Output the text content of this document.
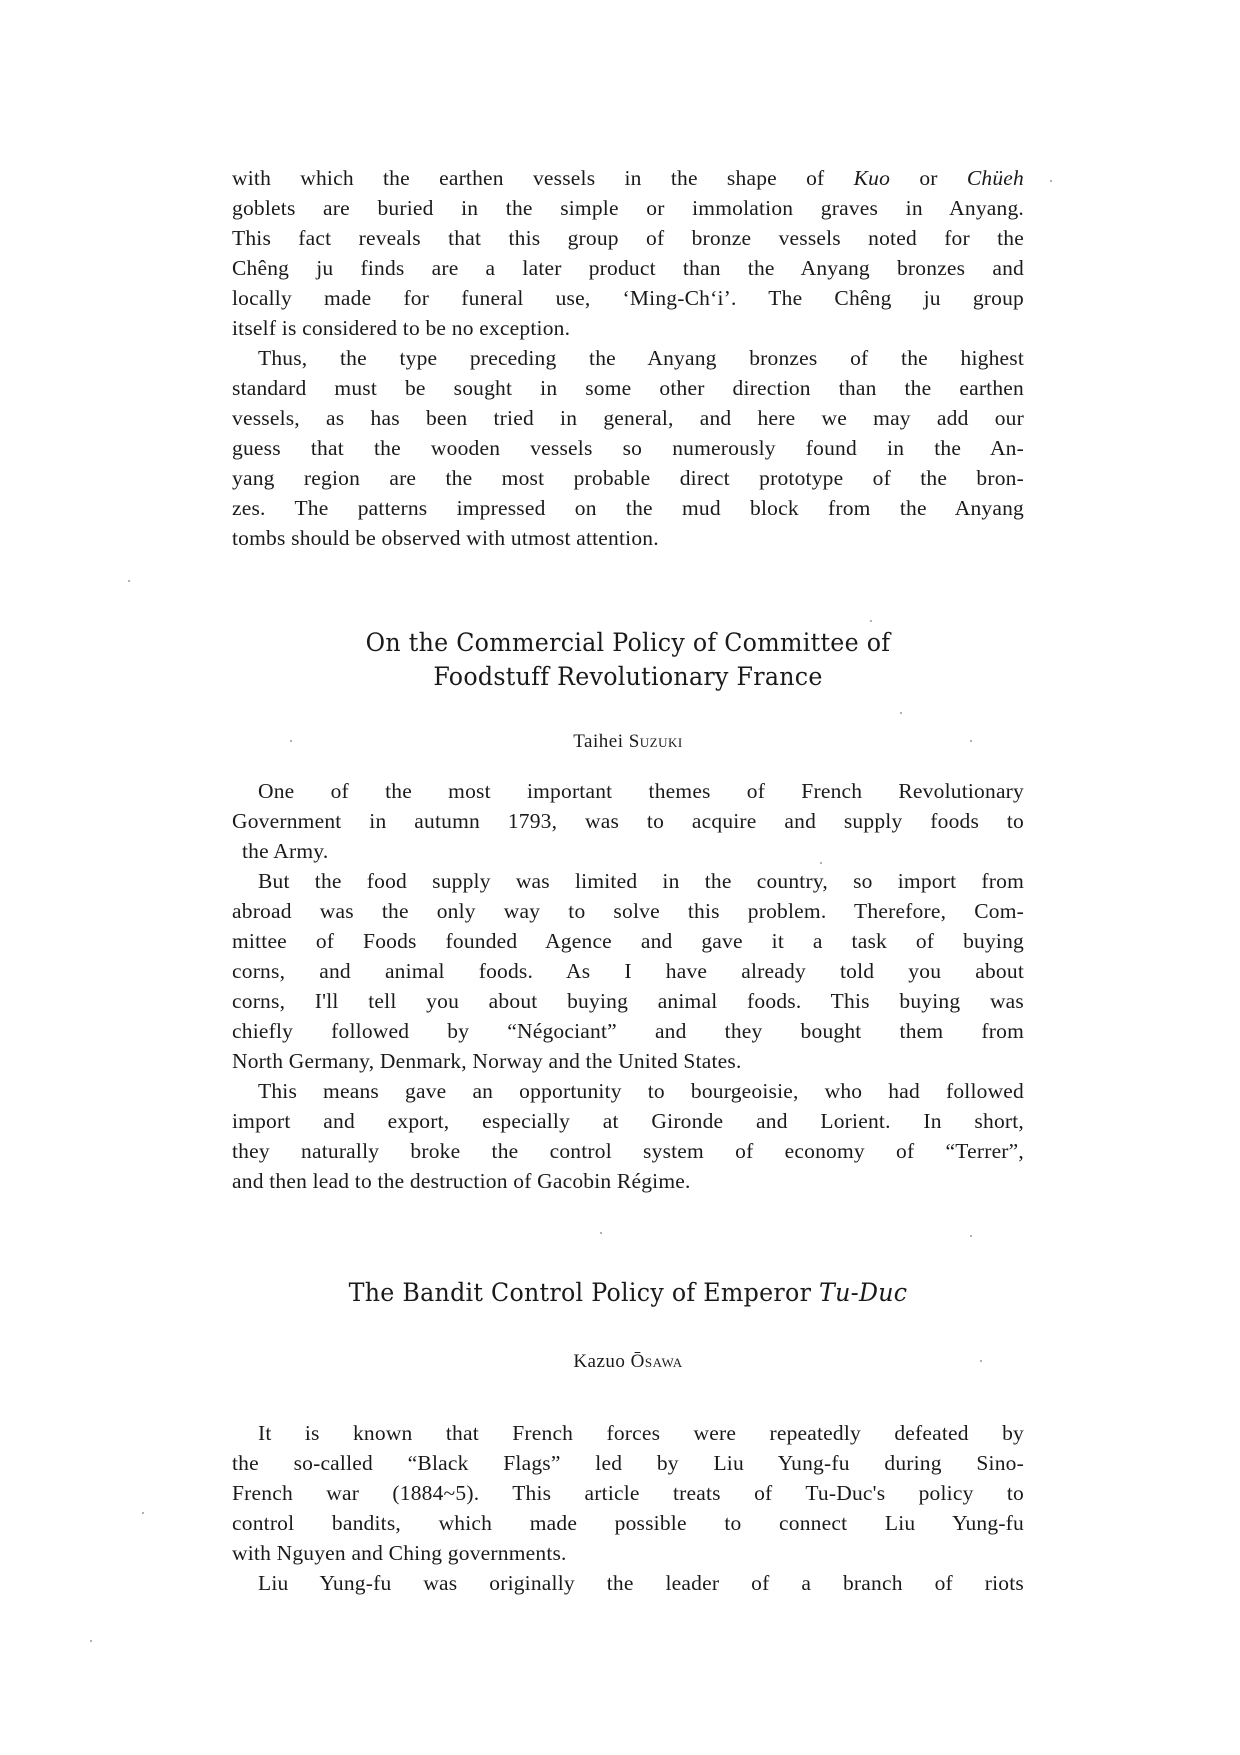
with which the earthen vessels in the shape of Kuo or Chüeh
goblets are buried in the simple or immolation graves in Anyang.
This fact reveals that this group of bronze vessels noted for the
Chêng ju finds are a later product than the Anyang bronzes and
locally made for funeral use, ‘Ming-Ch‘i’. The Chêng ju group
itself is considered to be no exception.
Thus, the type preceding the Anyang bronzes of the highest
standard must be sought in some other direction than the earthen
vessels, as has been tried in general, and here we may add our
guess that the wooden vessels so numerously found in the An-
yang region are the most probable direct prototype of the bron-
zes. The patterns impressed on the mud block from the Anyang
tombs should be observed with utmost attention.
On the Commercial Policy of Committee of
Foodstuff Revolutionary France
Taihei Suzuki
One of the most important themes of French Revolutionary
Government in autumn 1793, was to acquire and supply foods to
the Army.
But the food supply was limited in the country, so import from
abroad was the only way to solve this problem. Therefore, Com-
mittee of Foods founded Agence and gave it a task of buying
corns, and animal foods. As I have already told you about
corns, I'll tell you about buying animal foods. This buying was
chiefly followed by “Négociant” and they bought them from
North Germany, Denmark, Norway and the United States.
This means gave an opportunity to bourgeoisie, who had followed
import and export, especially at Gironde and Lorient. In short,
they naturally broke the control system of economy of “Terrer”,
and then lead to the destruction of Gacobin Régime.
The Bandit Control Policy of Emperor Tu-Duc
Kazuo Ōsawa
It is known that French forces were repeatedly defeated by
the so-called “Black Flags” led by Liu Yung-fu during Sino-
French war (1884~5). This article treats of Tu-Duc's policy to
control bandits, which made possible to connect Liu Yung-fu
with Nguyen and Ching governments.
Liu Yung-fu was originally the leader of a branch of riots
